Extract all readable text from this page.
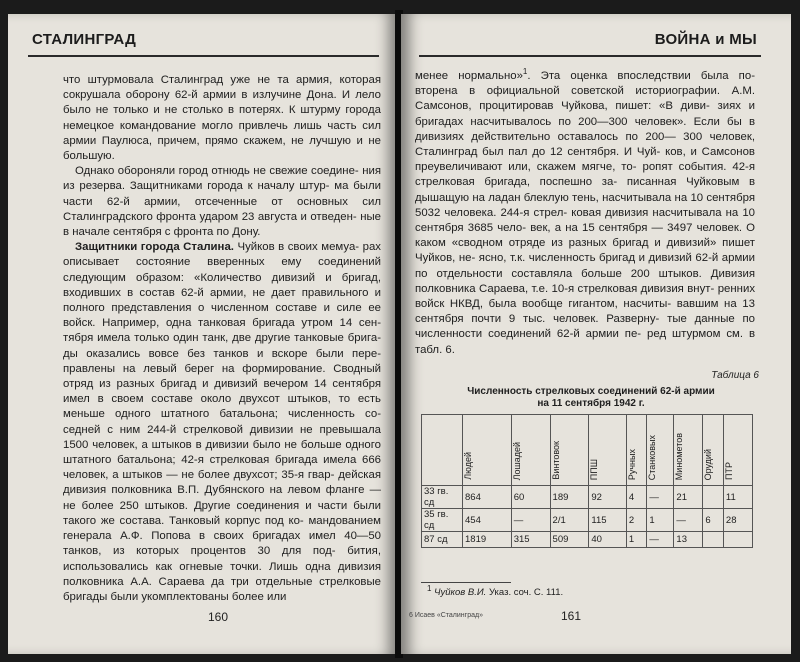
СТАЛИНГРАД

что штурмовала Сталинград уже не та армия, которая сокрушала оборону 62-й армии в излучине Дона. И лело было не только и не столько в потерях. К штурму города немецкое командование могло привлечь лишь часть сил армии Паулюса, причем, прямо скажем, не лучшую и не большую.

Однако обороняли город отнюдь не свежие соедине- ния из резерва. Защитниками города к началу штур- ма были части 62-й армии, отсеченные от основных сил Сталинградского фронта ударом 23 августа и отведен- ные в начале сентября с фронта по Дону.

Защитники города Сталина. Чуйков в своих мемуа- рах описывает состояние вверенных ему соединений следующим образом: «Количество дивизий и бригад, входивших в состав 62-й армии, не дает правильного и полного представления о численном составе и силе ее войск. Например, одна танковая бригада утром 14 сен- тября имела только один танк, две другие танковые брига- ды оказались вовсе без танков и вскоре были пере- правлены на левый берег на формирование. Сводный отряд из разных бригад и дивизий вечером 14 сентября имел в своем составе около двухсот штыков, то есть меньше одного штатного батальона; численность со- седней с ним 244-й стрелковой дивизии не превышала 1500 человек, а штыков в дивизии было не больше одного штатного батальона; 42-я стрелковая бригада имела 666 человек, а штыков — не более двухсот; 35-я гвар- дейская дивизия полковника В.П. Дубянского на левом фланге — не более 250 штыков. Другие соединения и части были такого же состава. Танковый корпус под ко- мандованием генерала А.Ф. Попова в своих бригадах имел 40—50 танков, из которых процентов 30 для под- бития, использовались как огневые точки. Лишь одна дивизия полковника А.А. Сараева да три отдельные стрелковые бригады были укомплектованы более или

160
ВОЙНА и МЫ

менее нормально»$^1$. Эта оценка впоследствии была по- вторена в официальной советской историографии. А.М. Самсонов, процитировав Чуйкова, пишет: «В диви- зиях и бригадах насчитывалось по 200—300 человек». Если бы в дивизиях действительно оставалось по 200— 300 человек, Сталинград был пал до 12 сентября. И Чуй- ков, и Самсонов преувеличивают или, скажем мягче, то- ропят события. 42-я стрелковая бригада, поспешно за- писанная Чуйковым в дышащую на ладан блеклую тень, насчитывала на 10 сентября 5032 человека. 244-я стрел- ковая дивизия насчитывала на 10 сентября 3685 чело- век, а на 15 сентября — 3497 человек. О каком «сводном отряде из разных бригад и дивизий» пишет Чуйков, не- ясно, т.к. численность бригад и дивизий 62-й армии по отдельности составляла больше 200 штыков. Дивизия полковника Сараева, т.е. 10-я стрелковая дивизия внут- ренних войск НКВД, была вообще гигантом, насчиты- вавшим на 13 сентября почти 9 тыс. человек. Разверну- тые данные по численности соединений 62-й армии пе- ред штурмом см. в табл. 6.

Таблица 6
Численность стрелковых соединений 62-й армии
на 11 сентября 1942 г.
	Людей	Лошадей	Винтовок	ППШ	Ручных	Станковых	Минометов	Орудий	ПТР
33 гв. сд	864	60	189	92	4	—	21		11
35 гв. сд	454	—	2/1	115	2	1	—	6	28
87 сд	1819	315	509	40	1	—	13		
$^1$ Чуйков В.И. Указ. соч. С. 111.
6 Исаев «Сталинград»	161
